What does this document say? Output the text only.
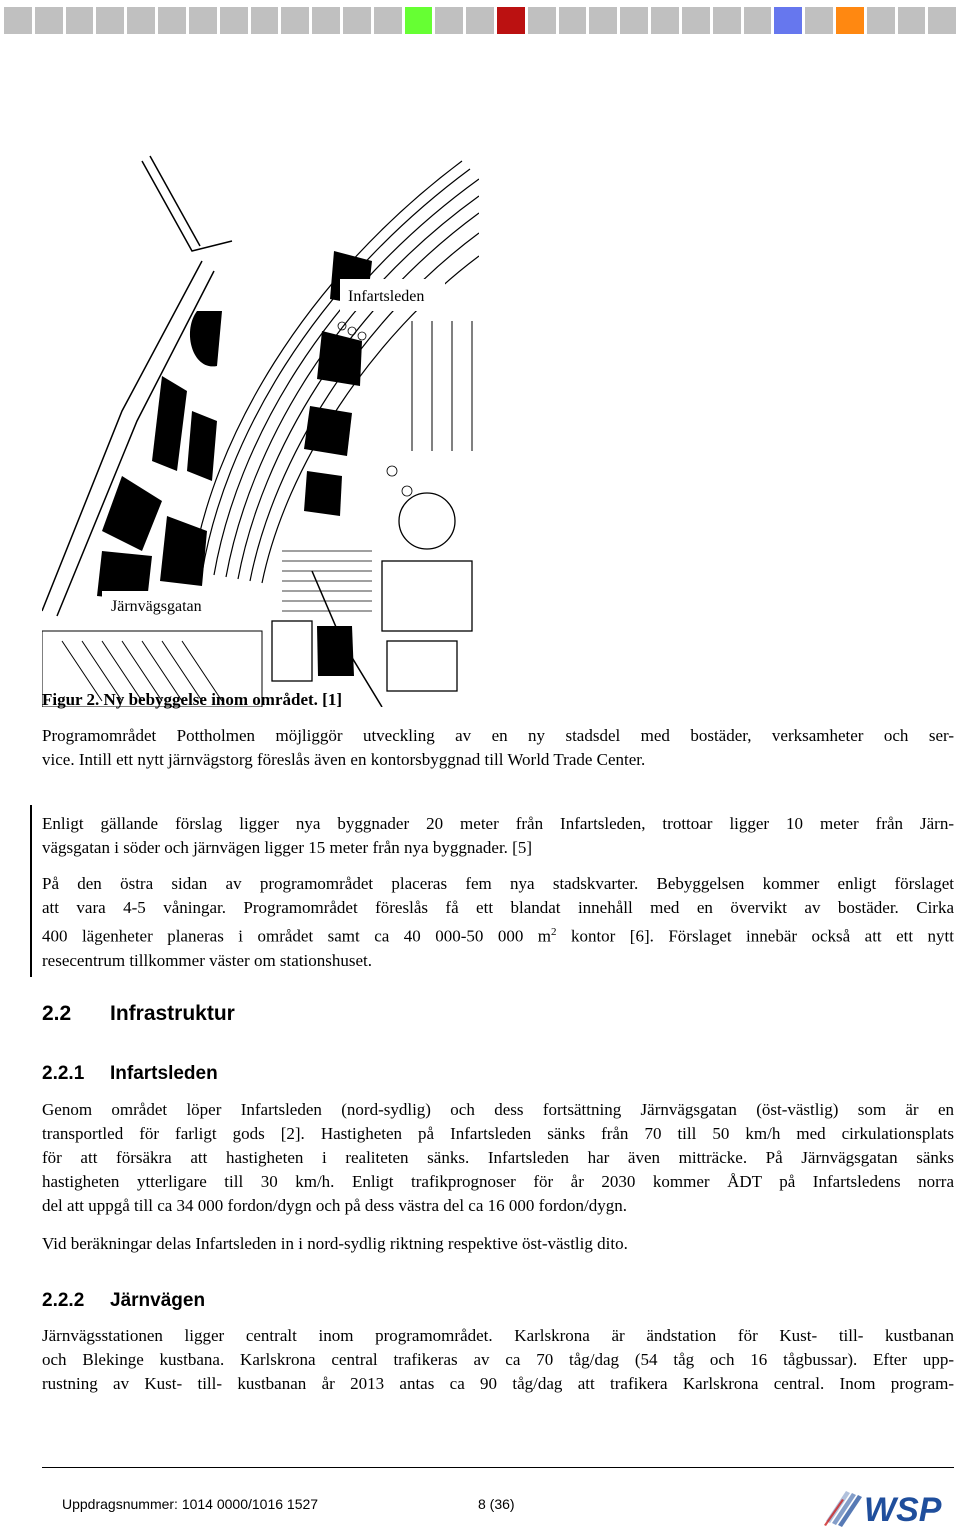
Infartsleden
Järnvägsgatan
Figur 2. Ny bebyggelse inom området. [1]
Programområdet Pottholmen möjliggör utveckling av en ny stadsdel med bostäder, verksamheter och ser-
vice. Intill ett nytt järnvägstorg föreslås även en kontorsbyggnad till World Trade Center.
Enligt gällande förslag ligger nya byggnader 20 meter från Infartsleden, trottoar ligger 10 meter från Järn-
vägsgatan i söder och järnvägen ligger 15 meter från nya byggnader. [5]
På den östra sidan av programområdet placeras fem nya stadskvarter. Bebyggelsen kommer enligt förslaget
att vara 4-5 våningar. Programområdet föreslås få ett blandat innehåll med en övervikt av bostäder. Cirka
400 lägenheter planeras i området samt ca 40 000-50 000 $m^2$ kontor [6]. Förslaget innebär också att ett nytt
resecentrum tillkommer väster om stationshuset.
2.2 Infrastruktur
2.2.1 Infartsleden
Genom området löper Infartsleden (nord-sydlig) och dess fortsättning Järnvägsgatan (öst-västlig) som är en
transportled för farligt gods [2]. Hastigheten på Infartsleden sänks från 70 till 50 km/h med cirkulationsplats
för att försäkra att hastigheten i realiteten sänks. Infartsleden har även mitträcke. På Järnvägsgatan sänks
hastigheten ytterligare till 30 km/h. Enligt trafikprognoser för år 2030 kommer ÅDT på Infartsledens norra
del att uppgå till ca 34 000 fordon/dygn och på dess västra del ca 16 000 fordon/dygn.
Vid beräkningar delas Infartsleden in i nord-sydlig riktning respektive öst-västlig dito.
2.2.2 Järnvägen
Järnvägsstationen ligger centralt inom programområdet. Karlskrona är ändstation för Kust- till- kustbanan
och Blekinge kustbana. Karlskrona central trafikeras av ca 70 tåg/dag (54 tåg och 16 tågbussar). Efter upp-
rustning av Kust- till- kustbanan år 2013 antas ca 90 tåg/dag att trafikera Karlskrona central. Inom program-
Uppdragsnummer: 1014 0000/1016 1527	8 (36)	WSP
